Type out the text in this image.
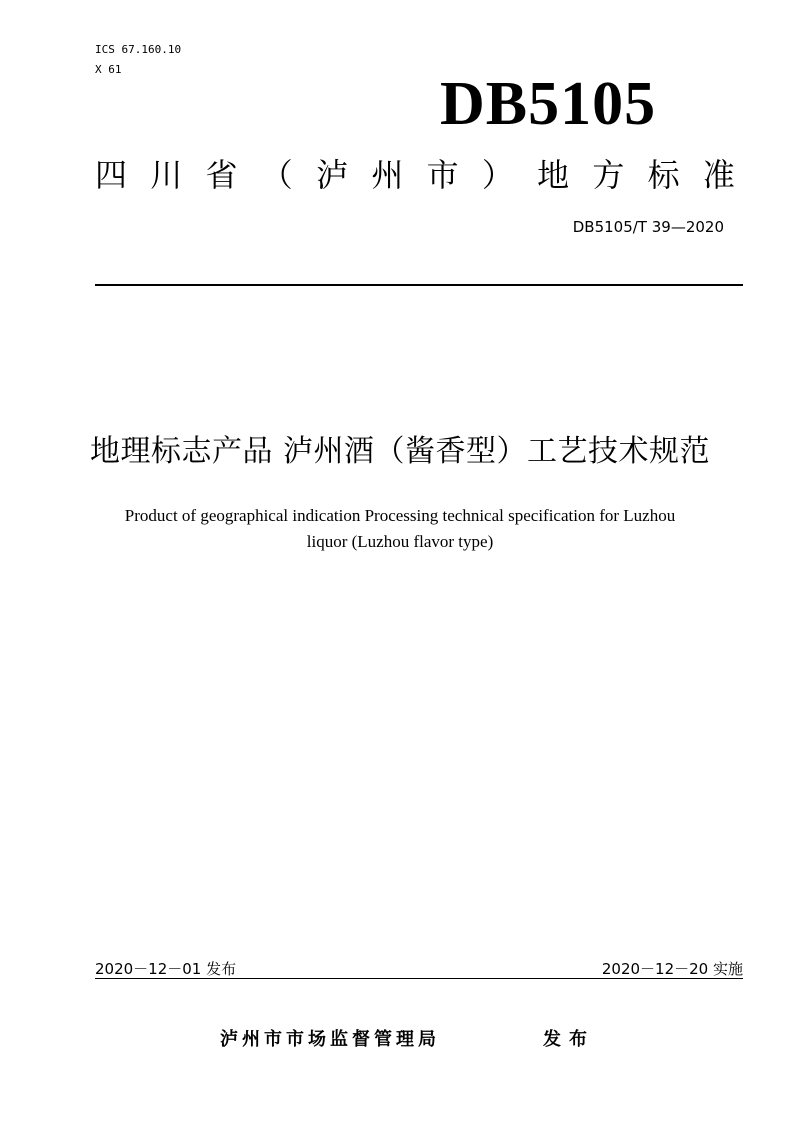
ICS 67.160.10
X 61
DB5105
四 川 省 （ 泸 州 市 ） 地 方 标 准
DB5105/T 39—2020
地理标志产品 泸州酒（酱香型）工艺技术规范
Product of geographical indication Processing technical specification for Luzhou
liquor (Luzhou flavor type)
2020－12－01 发布	2020－12－20 实施
泸州市市场监督管理局	发布
